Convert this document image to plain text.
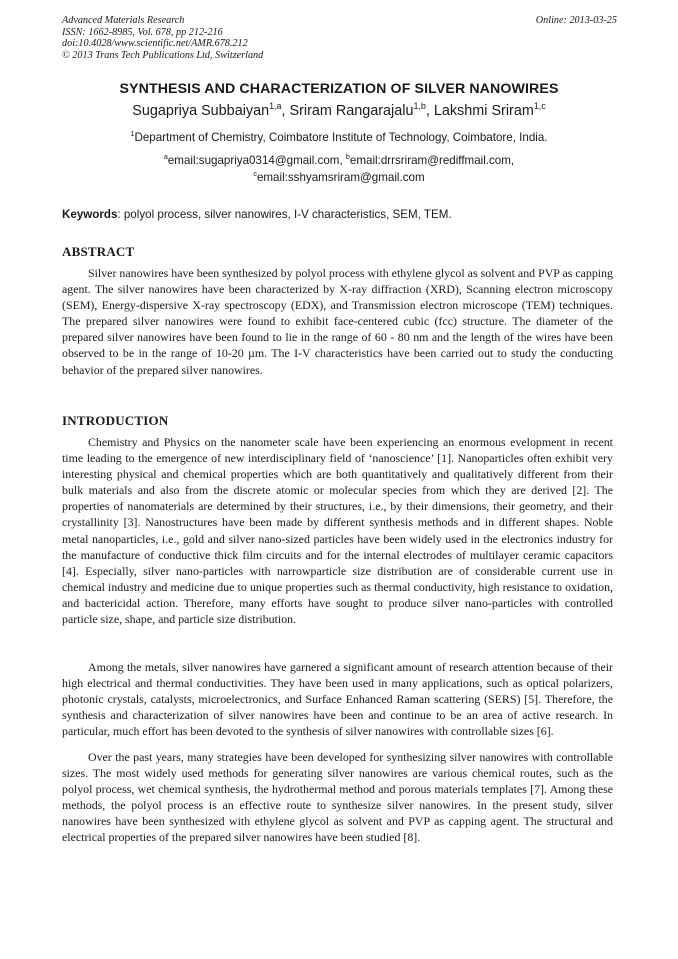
Advanced Materials Research
ISSN: 1662-8985, Vol. 678, pp 212-216
doi:10.4028/www.scientific.net/AMR.678.212
© 2013 Trans Tech Publications Ltd, Switzerland
Online: 2013-03-25
SYNTHESIS AND CHARACTERIZATION OF SILVER NANOWIRES
Sugapriya Subbaiyan$^{1,a}$, Sriram Rangarajalu$^{1,b}$, Lakshmi Sriram$^{1,c}$
$^1$Department of Chemistry, Coimbatore Institute of Technology, Coimbatore, India.
$^a$email:sugapriya0314@gmail.com, $^b$email:drrsriram@rediffmail.com,
$^c$email:sshyamsriram@gmail.com
Keywords: polyol process, silver nanowires, I-V characteristics, SEM, TEM.
ABSTRACT

Silver nanowires have been synthesized by polyol process with ethylene glycol as solvent and PVP as capping agent. The silver nanowires have been characterized by X-ray diffraction (XRD), Scanning electron microscopy (SEM), Energy-dispersive X-ray spectroscopy (EDX), and Transmission electron microscope (TEM) techniques. The prepared silver nanowires were found to exhibit face-centered cubic (fcc) structure. The diameter of the prepared silver nanowires have been found to lie in the range of 60 - 80 nm and the length of the wires have been observed to be in the range of 10-20 µm. The I-V characteristics have been carried out to study the conducting behavior of the prepared silver nanowires.

INTRODUCTION

Chemistry and Physics on the nanometer scale have been experiencing an enormous evelopment in recent time leading to the emergence of new interdisciplinary field of ‘nanoscience’ [1]. Nanoparticles often exhibit very interesting physical and chemical properties which are both quantitatively and qualitatively different from their bulk materials and also from the discrete atomic or molecular species from which they are derived [2]. The properties of nanomaterials are determined by their structures, i.e., by their dimensions, their geometry, and their crystallinity [3]. Nanostructures have been made by different synthesis methods and in different shapes. Noble metal nanoparticles, i.e., gold and silver nano-sized particles have been widely used in the electronics industry for the manufacture of conductive thick film circuits and for the internal electrodes of multilayer ceramic capacitors [4]. Especially, silver nano-particles with narrowparticle size distribution are of considerable current use in chemical industry and medicine due to unique properties such as thermal conductivity, high resistance to oxidation, and bactericidal action. Therefore, many efforts have sought to produce silver nano-particles with controlled particle size, shape, and particle size distribution.

Among the metals, silver nanowires have garnered a significant amount of research attention because of their high electrical and thermal conductivities. They have been used in many applications, such as optical polarizers, photonic crystals, catalysts, microelectronics, and Surface Enhanced Raman scattering (SERS) [5]. Therefore, the synthesis and characterization of silver nanowires have been and continue to be an area of active research. In particular, much effort has been devoted to the synthesis of silver nanowires with controllable sizes [6].

Over the past years, many strategies have been developed for synthesizing silver nanowires with controllable sizes. The most widely used methods for generating silver nanowires are various chemical routes, such as the polyol process, wet chemical synthesis, the hydrothermal method and porous materials templates [7]. Among these methods, the polyol process is an effective route to synthesize silver nanowires. In the present study, silver nanowires have been synthesized with ethylene glycol as solvent and PVP as capping agent. The structural and electrical properties of the prepared silver nanowires have been studied [8].
